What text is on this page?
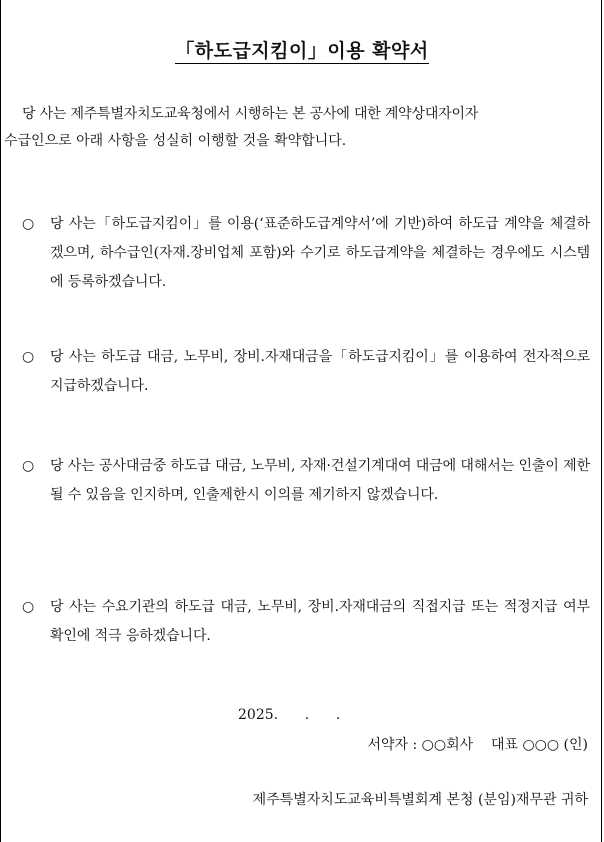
「하도급지킴이」이용 확약서
당 사는 제주특별자치도교육청에서 시행하는 본 공사에 대한 계약상대자이자
수급인으로 아래 사항을 성실히 이행할 것을 확약합니다.
○ 당 사는「하도급지킴이」를 이용(‘표준하도급계약서’에 기반)하여 하도급 계약을 체결하겠으며, 하수급인(자재.장비업체 포함)와 수기로 하도급계약을 체결하는 경우에도 시스템에 등록하겠습니다.
○ 당 사는 하도급 대금, 노무비, 장비.자재대금을「하도급지킴이」를 이용하여 전자적으로 지급하겠습니다.
○ 당 사는 공사대금중 하도급 대금, 노무비, 자재·건설기계대여 대금에 대해서는 인출이 제한될 수 있음을 인지하며, 인출제한시 이의를 제기하지 않겠습니다.
○ 당 사는 수요기관의 하도급 대금, 노무비, 장비.자재대금의 직접지급 또는 적정지급 여부 확인에 적극 응하겠습니다.
2025.      .      .
서약자 : ○○회사    대표 ○○○ (인)
제주특별자치도교육비특별회계 본청 (분임)재무관 귀하
